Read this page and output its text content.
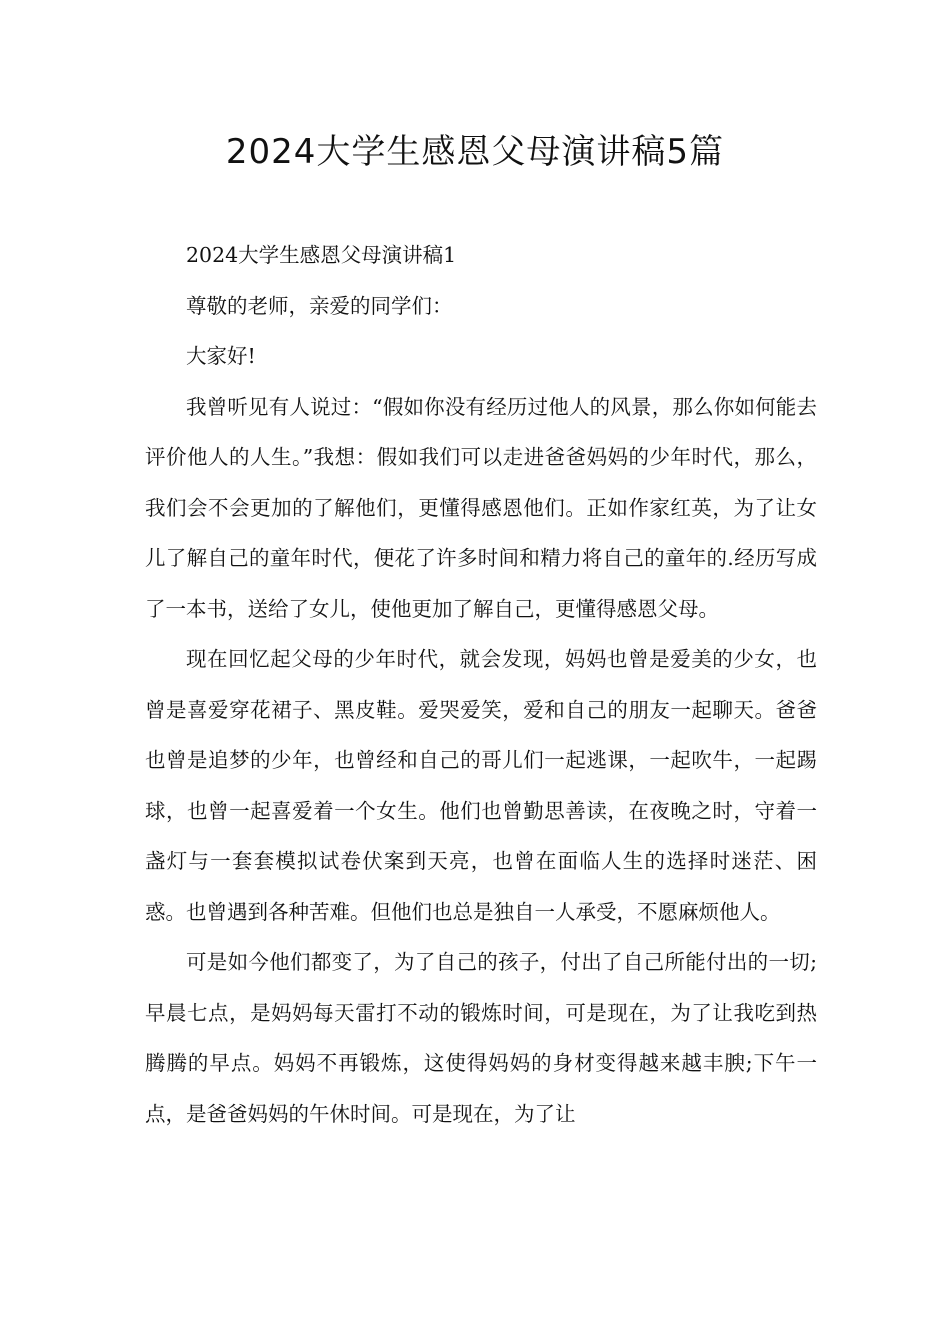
2024大学生感恩父母演讲稿5篇

2024大学生感恩父母演讲稿1

尊敬的老师，亲爱的同学们：

大家好!

我曾听见有人说过：“假如你没有经历过他人的风景，那么你如何能去评价他人的人生。”我想：假如我们可以走进爸爸妈妈的少年时代，那么，我们会不会更加的了解他们，更懂得感恩他们。正如作家红英，为了让女儿了解自己的童年时代，便花了许多时间和精力将自己的童年的.经历写成了一本书，送给了女儿，使他更加了解自己，更懂得感恩父母。

现在回忆起父母的少年时代，就会发现，妈妈也曾是爱美的少女，也曾是喜爱穿花裙子、黑皮鞋。爱哭爱笑，爱和自己的朋友一起聊天。爸爸也曾是追梦的少年，也曾经和自己的哥儿们一起逃课，一起吹牛，一起踢球，也曾一起喜爱着一个女生。他们也曾勤思善读，在夜晚之时，守着一盏灯与一套套模拟试卷伏案到天亮，也曾在面临人生的选择时迷茫、困惑。也曾遇到各种苦难。但他们也总是独自一人承受，不愿麻烦他人。

可是如今他们都变了，为了自己的孩子，付出了自己所能付出的一切;早晨七点，是妈妈每天雷打不动的锻炼时间，可是现在，为了让我吃到热腾腾的早点。妈妈不再锻炼，这使得妈妈的身材变得越来越丰腴;下午一点，是爸爸妈妈的午休时间。可是现在，为了让
